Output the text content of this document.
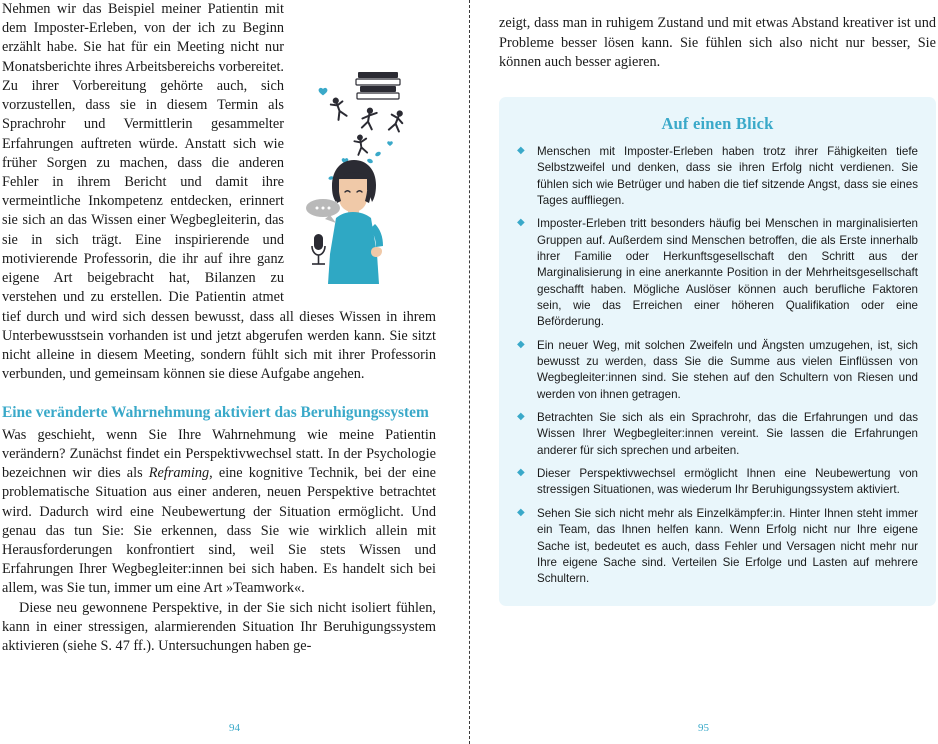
Nehmen wir das Beispiel meiner Patientin mit dem Imposter-Erleben, von der ich zu Beginn erzählt habe. Sie hat für ein Meeting nicht nur Monatsberichte ihres Arbeitsbereichs vorbereitet. Zu ihrer Vorbereitung gehörte auch, sich vorzustellen, dass sie in diesem Termin als Sprachrohr und Vermittlerin gesammelter Erfahrungen auftreten würde. Anstatt sich wie früher Sorgen zu machen, dass die anderen Fehler in ihrem Bericht und damit ihre vermeintliche Inkompetenz entdecken, erinnert sie sich an das Wissen einer Wegbegleiterin, das sie in sich trägt. Eine inspirierende und motivierende Professorin, die ihr auf ihre ganz eigene Art beigebracht hat, Bilanzen zu verstehen und zu erstellen. Die Patientin atmet tief durch und wird sich dessen bewusst, dass all dieses Wissen in ihrem Unterbewusstsein vorhanden ist und jetzt abgerufen werden kann. Sie sitzt nicht alleine in diesem Meeting, sondern fühlt sich mit ihrer Professorin verbunden, und gemeinsam können sie diese Aufgabe angehen.

Eine veränderte Wahrnehmung aktiviert das Beruhigungssystem

Was geschieht, wenn Sie Ihre Wahrnehmung wie meine Patientin verändern? Zunächst findet ein Perspektivwechsel statt. In der Psychologie bezeichnen wir dies als Reframing, eine kognitive Technik, bei der eine problematische Situation aus einer anderen, neuen Perspektive betrachtet wird. Dadurch wird eine Neubewertung der Situation ermöglicht. Und genau das tun Sie: Sie erkennen, dass Sie wie wirklich allein mit Herausforderungen konfrontiert sind, weil Sie stets Wissen und Erfahrungen Ihrer Wegbegleiter:innen bei sich haben. Es handelt sich bei allem, was Sie tun, immer um eine Art »Teamwork«.

Diese neu gewonnene Perspektive, in der Sie sich nicht isoliert fühlen, kann in einer stressigen, alarmierenden Situation Ihr Beruhigungssystem aktivieren (siehe S. 47 ff.). Untersuchungen haben ge-

94

zeigt, dass man in ruhigem Zustand und mit etwas Abstand kreativer ist und Probleme besser lösen kann. Sie fühlen sich also nicht nur besser, Sie können auch besser agieren.

Auf einen Blick
◆ Menschen mit Imposter-Erleben haben trotz ihrer Fähigkeiten tiefe Selbstzweifel und denken, dass sie ihren Erfolg nicht verdienen. Sie fühlen sich wie Betrüger und haben die tief sitzende Angst, dass sie eines Tages auffliegen.
◆ Imposter-Erleben tritt besonders häufig bei Menschen in marginalisierten Gruppen auf. Außerdem sind Menschen betroffen, die als Erste innerhalb ihrer Familie oder Herkunftsgesellschaft den Schritt aus der Marginalisierung in eine anerkannte Position in der Mehrheitsgesellschaft geschafft haben. Mögliche Auslöser können auch berufliche Faktoren sein, wie das Erreichen einer höheren Qualifikation oder eine Beförderung.
◆ Ein neuer Weg, mit solchen Zweifeln und Ängsten umzugehen, ist, sich bewusst zu werden, dass Sie die Summe aus vielen Einflüssen von Wegbegleiter:innen sind. Sie stehen auf den Schultern von Riesen und werden von ihnen getragen.
◆ Betrachten Sie sich als ein Sprachrohr, das die Erfahrungen und das Wissen Ihrer Wegbegleiter:innen vereint. Sie lassen die Erfahrungen anderer für sich sprechen und arbeiten.
◆ Dieser Perspektivwechsel ermöglicht Ihnen eine Neubewertung von stressigen Situationen, was wiederum Ihr Beruhigungssystem aktiviert.
◆ Sehen Sie sich nicht mehr als Einzelkämpfer:in. Hinter Ihnen steht immer ein Team, das Ihnen helfen kann. Wenn Erfolg nicht nur Ihre eigene Sache ist, bedeutet es auch, dass Fehler und Versagen nicht mehr nur Ihre eigene Sache sind. Verteilen Sie Erfolge und Lasten auf mehrere Schultern.
95
